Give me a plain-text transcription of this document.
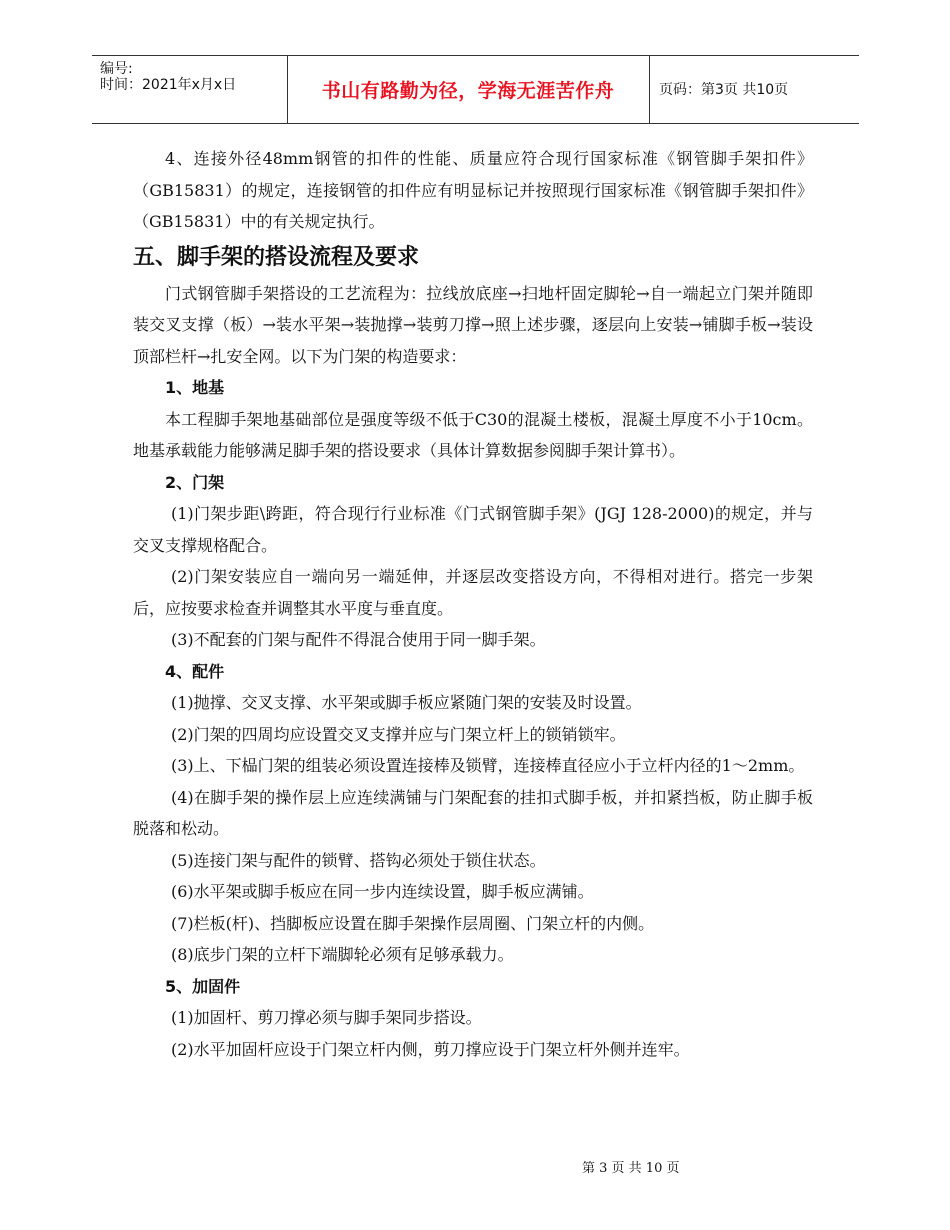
编号:
时间：2021年x月x日	书山有路勤为径，学海无涯苦作舟	页码：第3页 共10页

4、连接外径48mm钢管的扣件的性能、质量应符合现行国家标准《钢管脚手架扣件》（GB15831）的规定，连接钢管的扣件应有明显标记并按照现行国家标准《钢管脚手架扣件》（GB15831）中的有关规定执行。

五、脚手架的搭设流程及要求

门式钢管脚手架搭设的工艺流程为：拉线放底座→扫地杆固定脚轮→自一端起立门架并随即装交叉支撑（板）→装水平架→装抛撑→装剪刀撑→照上述步骤，逐层向上安装→铺脚手板→装设顶部栏杆→扎安全网。以下为门架的构造要求：

1、地基

本工程脚手架地基础部位是强度等级不低于C30的混凝土楼板，混凝土厚度不小于10cm。地基承载能力能够满足脚手架的搭设要求（具体计算数据参阅脚手架计算书）。

2、门架

(1)门架步距\跨距，符合现行行业标准《门式钢管脚手架》(JGJ 128-2000)的规定，并与交叉支撑规格配合。

(2)门架安装应自一端向另一端延伸，并逐层改变搭设方向，不得相对进行。搭完一步架后，应按要求检查并调整其水平度与垂直度。

(3)不配套的门架与配件不得混合使用于同一脚手架。

4、配件

(1)抛撑、交叉支撑、水平架或脚手板应紧随门架的安装及时设置。

(2)门架的四周均应设置交叉支撑并应与门架立杆上的锁销锁牢。

(3)上、下榀门架的组装必须设置连接棒及锁臂，连接棒直径应小于立杆内径的1～2mm。

(4)在脚手架的操作层上应连续满铺与门架配套的挂扣式脚手板，并扣紧挡板，防止脚手板脱落和松动。

(5)连接门架与配件的锁臂、搭钩必须处于锁住状态。

(6)水平架或脚手板应在同一步内连续设置，脚手板应满铺。

(7)栏板(杆)、挡脚板应设置在脚手架操作层周圈、门架立杆的内侧。

(8)底步门架的立杆下端脚轮必须有足够承载力。

5、加固件

(1)加固杆、剪刀撑必须与脚手架同步搭设。

(2)水平加固杆应设于门架立杆内侧，剪刀撑应设于门架立杆外侧并连牢。

第 3 页 共 10 页
